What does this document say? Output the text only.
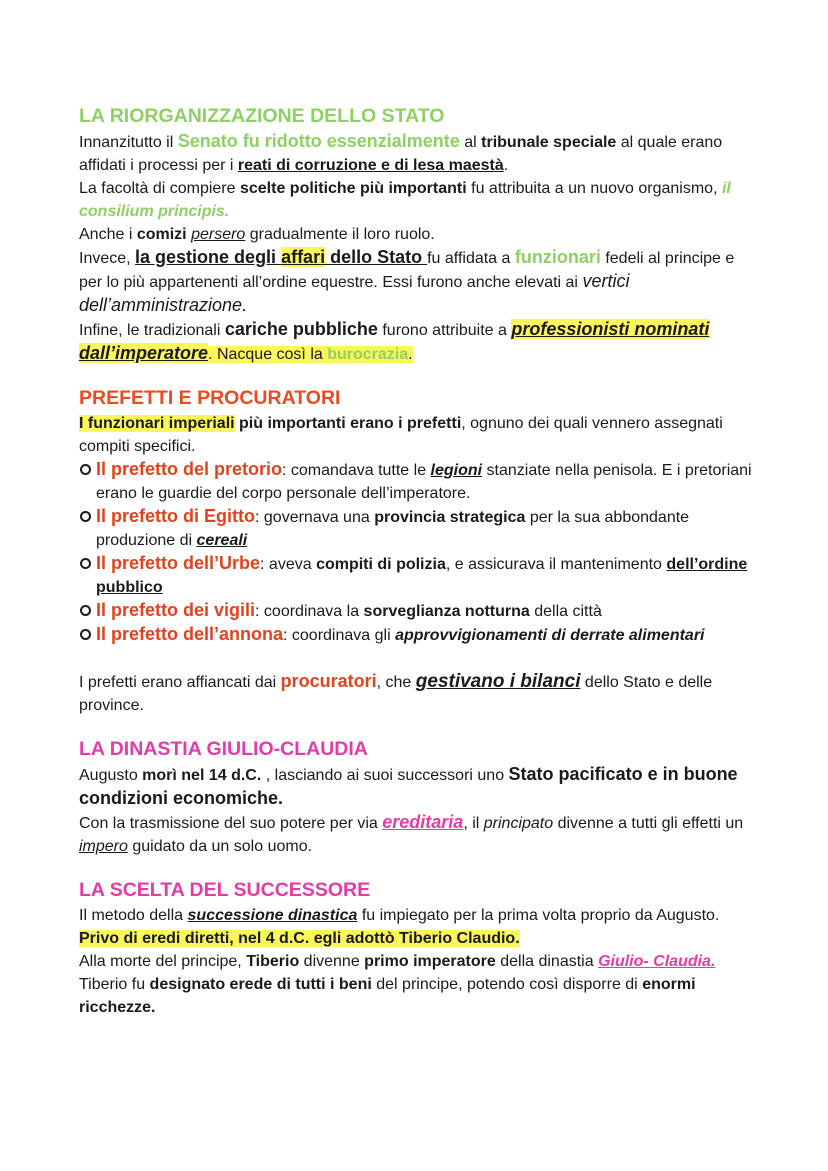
LA RIORGANIZZAZIONE DELLO STATO

Innanzitutto il Senato fu ridotto essenzialmente al tribunale speciale al quale erano affidati i processi per i reati di corruzione e di lesa maestà.

La facoltà di compiere scelte politiche più importanti fu attribuita a un nuovo organismo, il consilium principis.

Anche i comizi persero gradualmente il loro ruolo.

Invece, la gestione degli affari dello Stato fu affidata a funzionari fedeli al principe e per lo più appartenenti all’ordine equestre. Essi furono anche elevati ai vertici dell’amministrazione.

Infine, le tradizionali cariche pubbliche furono attribuite a professionisti nominati dall’imperatore. Nacque così la burocrazia.

PREFETTI E PROCURATORI

I funzionari imperiali più importanti erano i prefetti, ognuno dei quali vennero assegnati compiti specifici.

Il prefetto del pretorio: comandava tutte le legioni stanziate nella penisola. E i pretoriani erano le guardie del corpo personale dell’imperatore.
Il prefetto di Egitto: governava una provincia strategica per la sua abbondante produzione di cereali
Il prefetto dell’Urbe: aveva compiti di polizia, e assicurava il mantenimento dell’ordine pubblico
Il prefetto dei vigili: coordinava la sorveglianza notturna della città
Il prefetto dell’annona: coordinava gli approvvigionamenti di derrate alimentari

I prefetti erano affiancati dai procuratori, che gestivano i bilanci dello Stato e delle province.

LA DINASTIA GIULIO-CLAUDIA

Augusto morì nel 14 d.C. , lasciando ai suoi successori uno Stato pacificato e in buone condizioni economiche.

Con la trasmissione del suo potere per via ereditaria, il principato divenne a tutti gli effetti un impero guidato da un solo uomo.

LA SCELTA DEL SUCCESSORE

Il metodo della successione dinastica fu impiegato per la prima volta proprio da Augusto. Privo di eredi diretti, nel 4 d.C. egli adottò Tiberio Claudio.

Alla morte del principe, Tiberio divenne primo imperatore della dinastia Giulio- Claudia.

Tiberio fu designato erede di tutti i beni del principe, potendo così disporre di enormi ricchezze.
